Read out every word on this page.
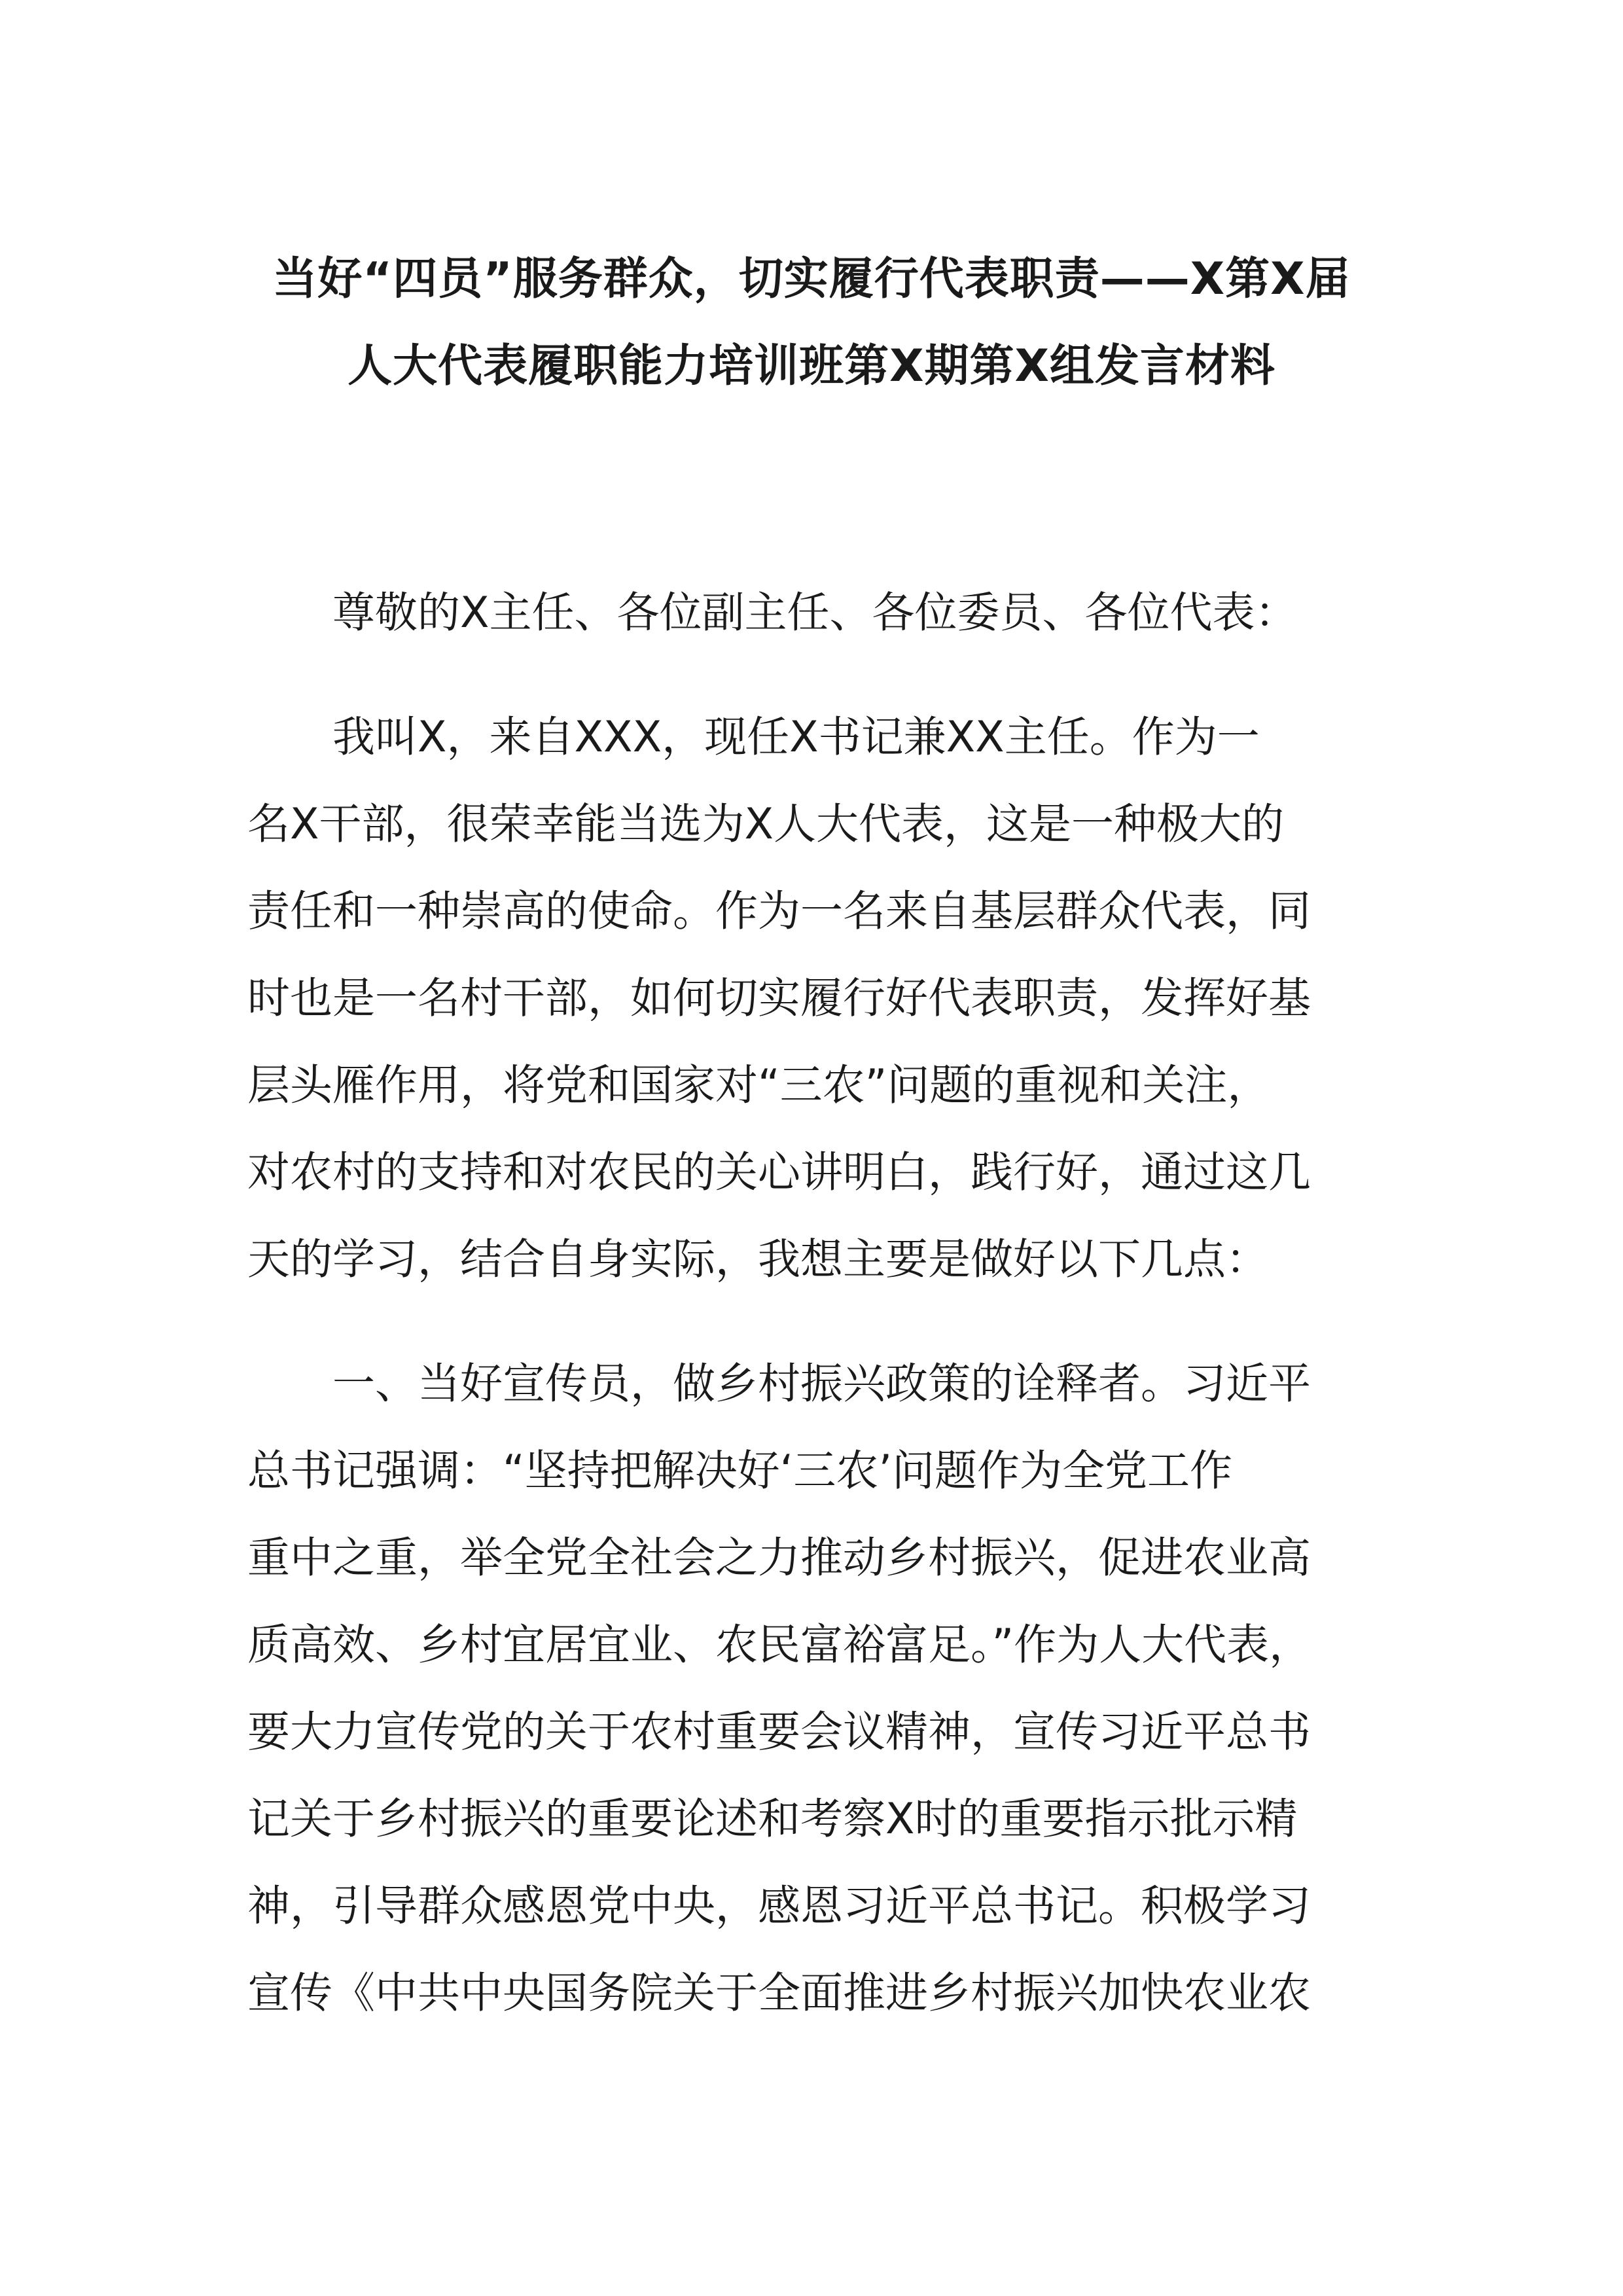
当好“四员”服务群众，切实履行代表职责——X第X届
人大代表履职能力培训班第X期第X组发言材料

尊敬的X主任、各位副主任、各位委员、各位代表：

我叫X，来自XXX，现任X书记兼XX主任。作为一
名X干部，很荣幸能当选为X人大代表，这是一种极大的
责任和一种崇高的使命。作为一名来自基层群众代表，同
时也是一名村干部，如何切实履行好代表职责，发挥好基
层头雁作用，将党和国家对“三农”问题的重视和关注，
对农村的支持和对农民的关心讲明白，践行好，通过这几
天的学习，结合自身实际，我想主要是做好以下几点：

一、当好宣传员，做乡村振兴政策的诠释者。习近平
总书记强调：“坚持把解决好‘三农’问题作为全党工作
重中之重，举全党全社会之力推动乡村振兴，促进农业高
质高效、乡村宜居宜业、农民富裕富足。”作为人大代表，
要大力宣传党的关于农村重要会议精神，宣传习近平总书
记关于乡村振兴的重要论述和考察X时的重要指示批示精
神，引导群众感恩党中央，感恩习近平总书记。积极学习
宣传《中共中央国务院关于全面推进乡村振兴加快农业农
